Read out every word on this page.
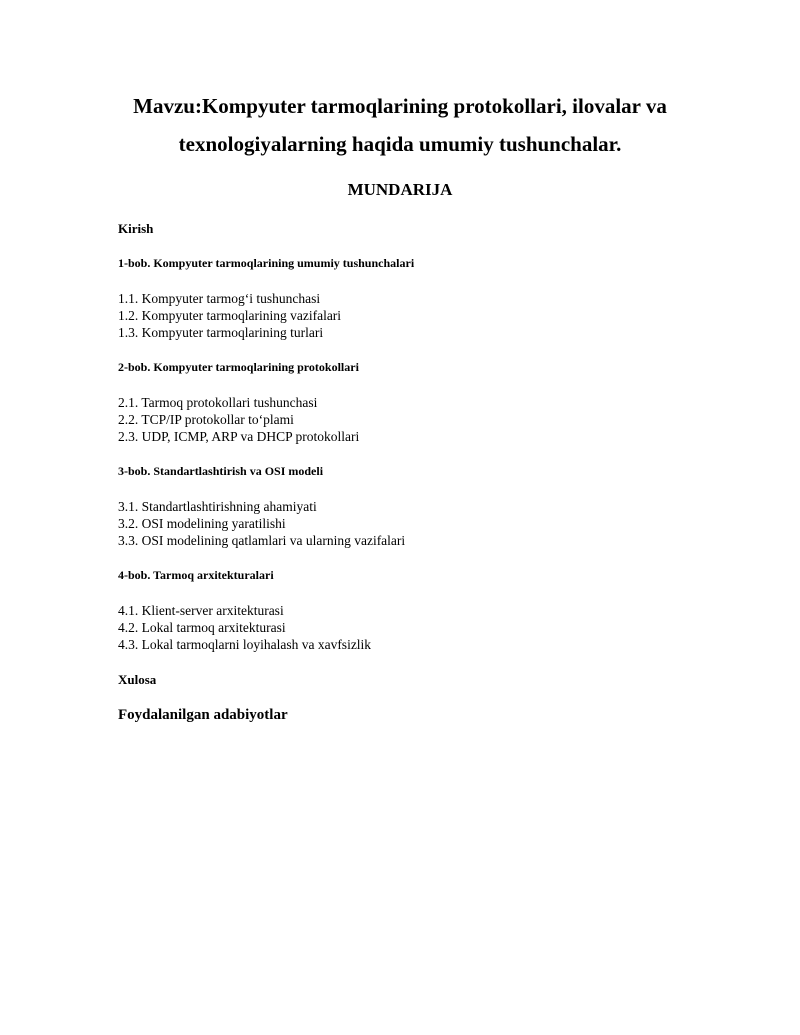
Mavzu:Kompyuter tarmoqlarining protokollari, ilovalar va
texnologiyalarning haqida umumiy tushunchalar.
MUNDARIJA

Kirish

1-bob. Kompyuter tarmoqlarining umumiy tushunchalari

1.1. Kompyuter tarmog‘i tushunchasi
1.2. Kompyuter tarmoqlarining vazifalari
1.3. Kompyuter tarmoqlarining turlari

2-bob. Kompyuter tarmoqlarining protokollari

2.1. Tarmoq protokollari tushunchasi
2.2. TCP/IP protokollar to‘plami
2.3. UDP, ICMP, ARP va DHCP protokollari

3-bob. Standartlashtirish va OSI modeli

3.1. Standartlashtirishning ahamiyati
3.2. OSI modelining yaratilishi
3.3. OSI modelining qatlamlari va ularning vazifalari

4-bob. Tarmoq arxitekturalari

4.1. Klient-server arxitekturasi
4.2. Lokal tarmoq arxitekturasi
4.3. Lokal tarmoqlarni loyihalash va xavfsizlik

Xulosa

Foydalanilgan adabiyotlar
